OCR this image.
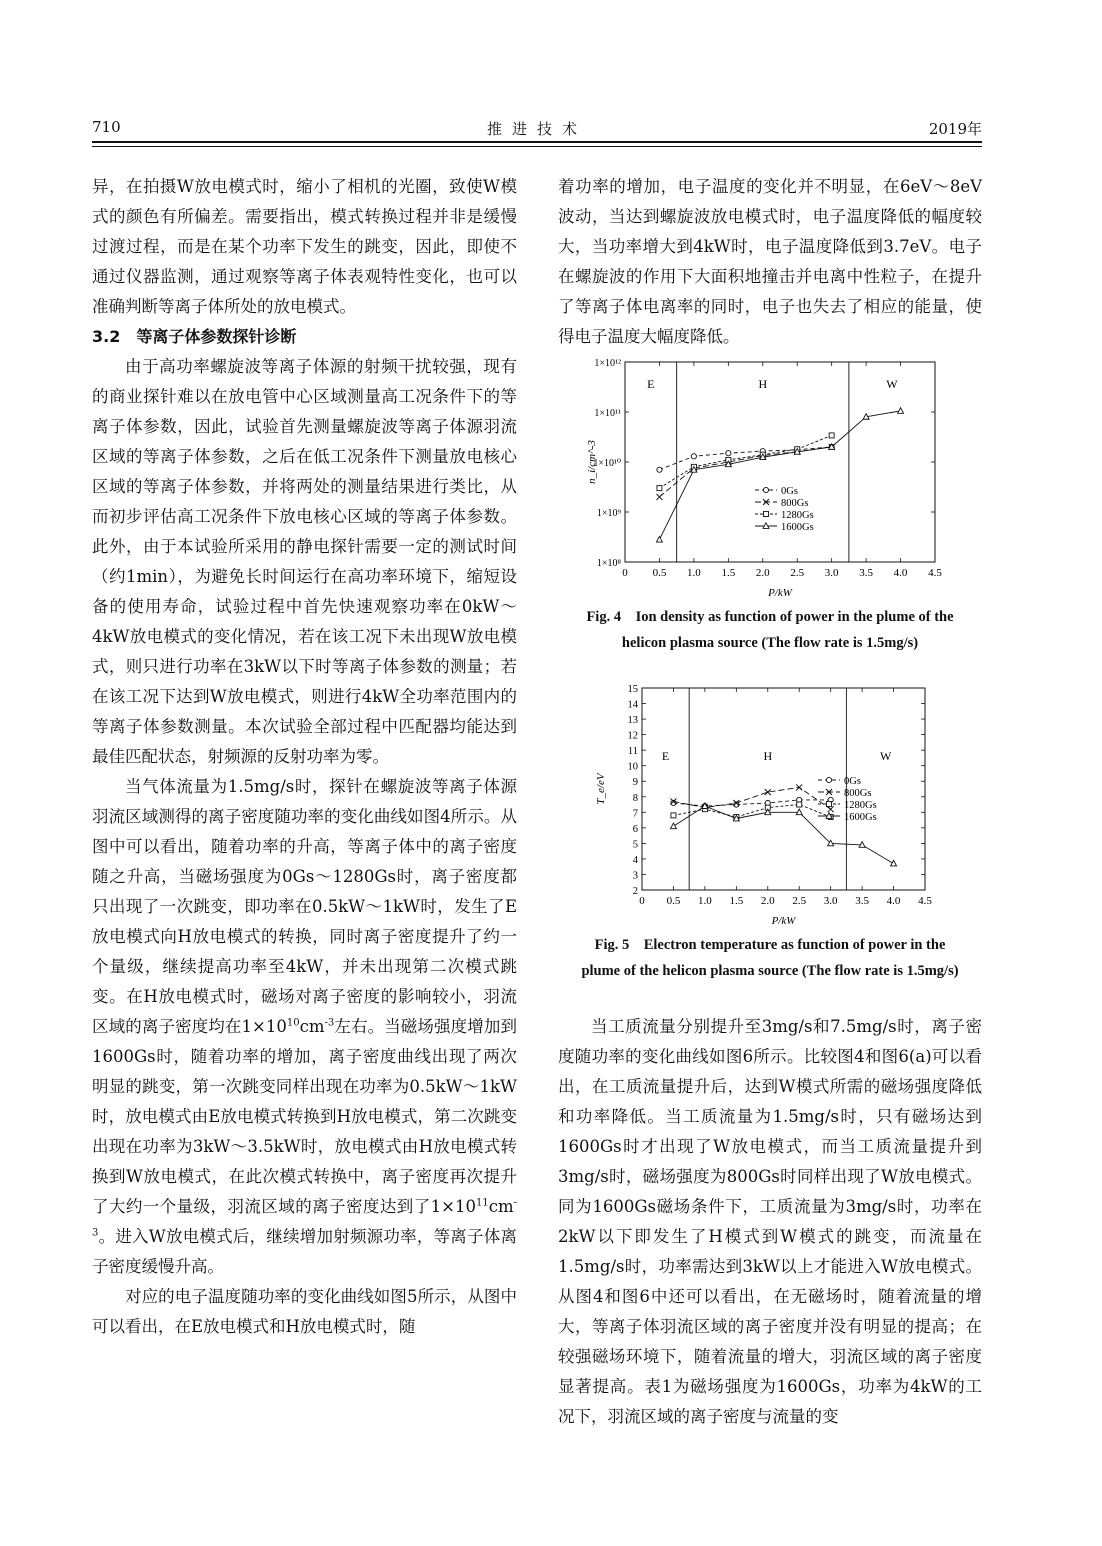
710	推进技术	2019年

异，在拍摄W放电模式时，缩小了相机的光圈，致使W模式的颜色有所偏差。需要指出，模式转换过程并非是缓慢过渡过程，而是在某个功率下发生的跳变，因此，即使不通过仪器监测，通过观察等离子体表观特性变化，也可以准确判断等离子体所处的放电模式。

3.2　等离子体参数探针诊断

由于高功率螺旋波等离子体源的射频干扰较强，现有的商业探针难以在放电管中心区域测量高工况条件下的等离子体参数，因此，试验首先测量螺旋波等离子体源羽流区域的等离子体参数，之后在低工况条件下测量放电核心区域的等离子体参数，并将两处的测量结果进行类比，从而初步评估高工况条件下放电核心区域的等离子体参数。此外，由于本试验所采用的静电探针需要一定的测试时间（约1min），为避免长时间运行在高功率环境下，缩短设备的使用寿命，试验过程中首先快速观察功率在0kW～4kW放电模式的变化情况，若在该工况下未出现W放电模式，则只进行功率在3kW以下时等离子体参数的测量；若在该工况下达到W放电模式，则进行4kW全功率范围内的等离子体参数测量。本次试验全部过程中匹配器均能达到最佳匹配状态，射频源的反射功率为零。

当气体流量为1.5mg/s时，探针在螺旋波等离子体源羽流区域测得的离子密度随功率的变化曲线如图4所示。从图中可以看出，随着功率的升高，等离子体中的离子密度随之升高，当磁场强度为0Gs～1280Gs时，离子密度都只出现了一次跳变，即功率在0.5kW～1kW时，发生了E放电模式向H放电模式的转换，同时离子密度提升了约一个量级，继续提高功率至4kW，并未出现第二次模式跳变。在H放电模式时，磁场对离子密度的影响较小，羽流区域的离子密度均在$1\times 10^{10}cm^{-3}$左右。当磁场强度增加到1600Gs时，随着功率的增加，离子密度曲线出现了两次明显的跳变，第一次跳变同样出现在功率为0.5kW～1kW时，放电模式由E放电模式转换到H放电模式，第二次跳变出现在功率为3kW～3.5kW时，放电模式由H放电模式转换到W放电模式，在此次模式转换中，离子密度再次提升了大约一个量级，羽流区域的离子密度达到了$1\times 10^{11}cm^{-3}$。进入W放电模式后，继续增加射频源功率，等离子体离子密度缓慢升高。

对应的电子温度随功率的变化曲线如图5所示，从图中可以看出，在E放电模式和H放电模式时，随

着功率的增加，电子温度的变化并不明显，在6eV～8eV波动，当达到螺旋波放电模式时，电子温度降低的幅度较大，当功率增大到4kW时，电子温度降低到3.7eV。电子在螺旋波的作用下大面积地撞击并电离中性粒子，在提升了等离子体电离率的同时，电子也失去了相应的能量，使得电子温度大幅度降低。

0 0.5 1.0 1.5 2.0 2.5 3.0 3.5 4.0 4.5
1×10⁸
1×10⁹
1×10¹⁰
1×10¹¹
1×10¹²
P/kW
n_i/cm^-3
E	H	W
0Gs
800Gs
1280Gs
1600Gs
Fig. 4　Ion density as function of power in the plume of the
helicon plasma source (The flow rate is 1.5mg/s)
0 0.5 1.0 1.5 2.0 2.5 3.0 3.5 4.0 4.5
2
3
4
5
6
7
8
9
10
11
12
13
14
15
P/kW
T_e/eV
E	H	W
0Gs
800Gs
1280Gs
1600Gs
Fig. 5　Electron temperature as function of power in the
plume of the helicon plasma source (The flow rate is 1.5mg/s)

当工质流量分别提升至3mg/s和7.5mg/s时，离子密度随功率的变化曲线如图6所示。比较图4和图6(a)可以看出，在工质流量提升后，达到W模式所需的磁场强度降低和功率降低。当工质流量为1.5mg/s时，只有磁场达到1600Gs时才出现了W放电模式，而当工质流量提升到3mg/s时，磁场强度为800Gs时同样出现了W放电模式。同为1600Gs磁场条件下，工质流量为3mg/s时，功率在2kW以下即发生了H模式到W模式的跳变，而流量在1.5mg/s时，功率需达到3kW以上才能进入W放电模式。从图4和图6中还可以看出，在无磁场时，随着流量的增大，等离子体羽流区域的离子密度并没有明显的提高；在较强磁场环境下，随着流量的增大，羽流区域的离子密度显著提高。表1为磁场强度为1600Gs，功率为4kW的工况下，羽流区域的离子密度与流量的变
